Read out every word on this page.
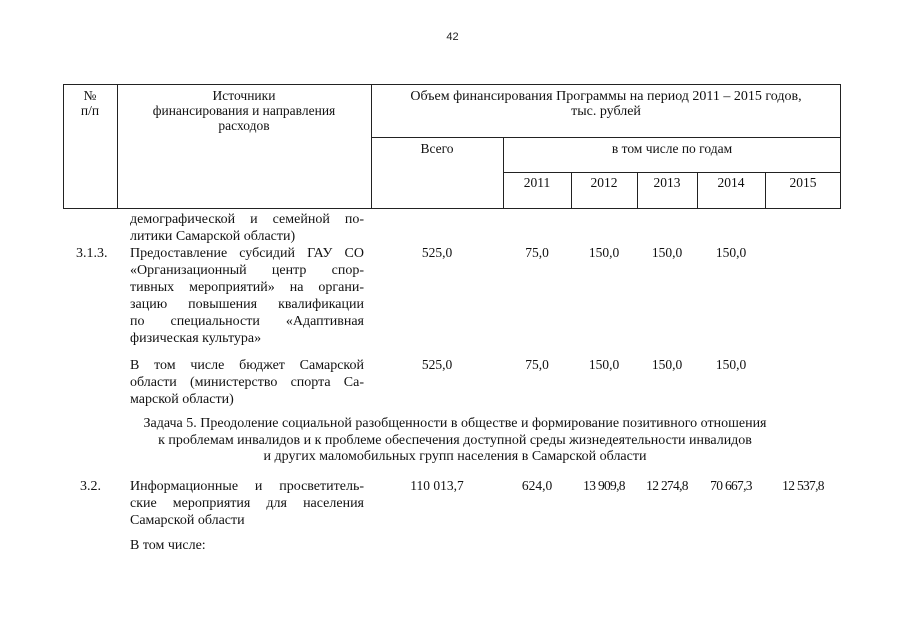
42
№
п/п
Источники
финансирования и направления
расходов
Объем финансирования Программы на период 2011 – 2015 годов,
тыс. рублей
Всего	в том числе по годам
2011	2012	2013	2014	2015
демографической и семейной по-
литики Самарской области)
3.1.3. Предоставление субсидий ГАУ СО
«Организационный центр спор-
тивных мероприятий» на органи-
зацию повышения квалификации
по специальности «Адаптивная
физическая культура»
525,0	75,0	150,0	150,0	150,0
В том числе бюджет Самарской
области (министерство спорта Са-
марской области)
525,0	75,0	150,0	150,0	150,0
Задача 5. Преодоление социальной разобщенности в обществе и формирование позитивного отношения
к проблемам инвалидов и к проблеме обеспечения доступной среды жизнедеятельности инвалидов
и других маломобильных групп населения в Самарской области
3.2. Информационные и просветитель-
ские мероприятия для населения
Самарской области
110 013,7	624,0	13 909,8	12 274,8	70 667,3	12 537,8
В том числе:
